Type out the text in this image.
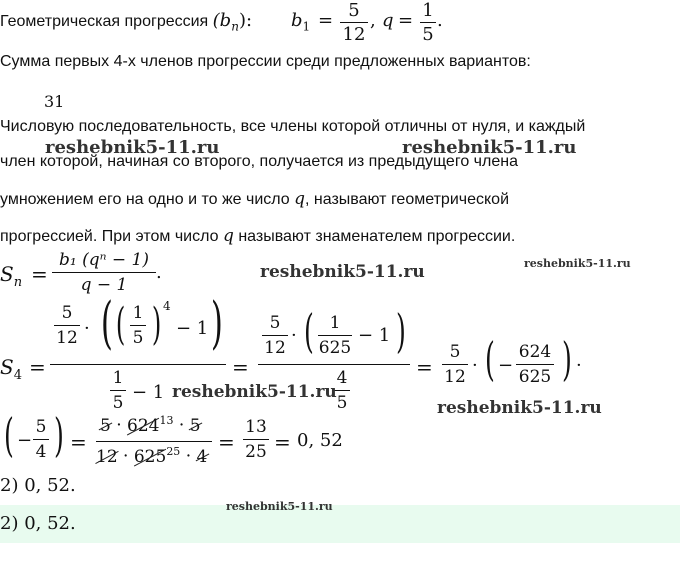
Геометрическая прогрессия $(b_n)$: $b_1 = 5$
12
, q = 1
5
.
Сумма первых 4-х членов прогрессии среди предложенных вариантов:
31
Числовую последовательность, все члены которой отличны от нуля, и каждый
член которой, начиная со второго, получается из предыдущего члена
умножением его на одно и то же число q, называют геометрической
прогрессией. При этом число q называют знаменателем прогрессии.
$S_n$ =
b₁ (qⁿ − 1)
q − 1
.
$S_4$ =
5
12 · ( ( 1
5 ) 4
− 1 )
1
5
− 1
=
5
12
· ( 1
625
− 1 )
4
5
=
5
12
· ( −
624
625 ) ·
( −
5
4 ) =
$5 \cdot 624^{13} \cdot 5$
$12 \cdot 625^{25} \cdot 4$
=
13
25 = 0, 52
2) 0, 52.
2) 0, 52.
reshebnik5-11.ru	reshebnik5-11.ru
reshebnik5-11.ru	reshebnik5-11.ru
reshebnik5-11.ru
reshebnik5-11.ru
reshebnik5-11.ru
